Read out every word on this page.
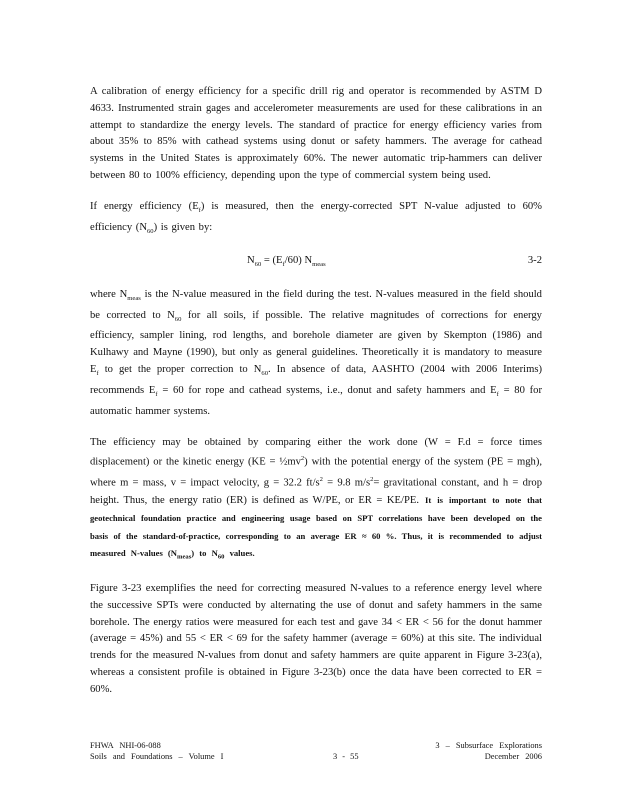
A calibration of energy efficiency for a specific drill rig and operator is recommended by ASTM D 4633. Instrumented strain gages and accelerometer measurements are used for these calibrations in an attempt to standardize the energy levels. The standard of practice for energy efficiency varies from about 35% to 85% with cathead systems using donut or safety hammers. The average for cathead systems in the United States is approximately 60%. The newer automatic trip-hammers can deliver between 80 to 100% efficiency, depending upon the type of commercial system being used.

If energy efficiency $(E_f)$ is measured, then the energy-corrected SPT N-value adjusted to 60% efficiency $(N_{60})$ is given by:

$N_{60} = (E_f/60)$ $N_{meas}$	3-2

where $N_{meas}$ is the N-value measured in the field during the test. N-values measured in the field should be corrected to $N_{60}$ for all soils, if possible. The relative magnitudes of corrections for energy efficiency, sampler lining, rod lengths, and borehole diameter are given by Skempton (1986) and Kulhawy and Mayne (1990), but only as general guidelines. Theoretically it is mandatory to measure $E_f$ to get the proper correction to $N_{60}$. In absence of data, AASHTO (2004 with 2006 Interims) recommends $E_f = 60$ for rope and cathead systems, i.e., donut and safety hammers and $E_f = 80$ for automatic hammer systems.

The efficiency may be obtained by comparing either the work done (W = F.d = force times displacement) or the kinetic energy $(KE = \frac{1}{2}mv^2)$ with the potential energy of the system (PE = mgh), where m = mass, v = impact velocity, g = 32.2 $ft/s^2 = 9.8$ $m/s^2=$ gravitational constant, and h = drop height. Thus, the energy ratio (ER) is defined as W/PE, or ER = KE/PE. It is important to note that geotechnical foundation practice and engineering usage based on SPT correlations have been developed on the basis of the standard-of-practice, corresponding to an average ER ≈ 60 %. Thus, it is recommended to adjust measured N-values $(N_{meas})$ to $N_{60}$ values.

Figure 3-23 exemplifies the need for correcting measured N-values to a reference energy level where the successive SPTs were conducted by alternating the use of donut and safety hammers in the same borehole. The energy ratios were measured for each test and gave 34 < ER < 56 for the donut hammer (average = 45%) and 55 < ER < 69 for the safety hammer (average = 60%) at this site. The individual trends for the measured N-values from donut and safety hammers are quite apparent in Figure 3-23(a), whereas a consistent profile is obtained in Figure 3-23(b) once the data have been corrected to ER = 60%.

FHWA NHI-06-088	3 – Subsurface Explorations
Soils and Foundations – Volume I	3 - 55	December 2006
